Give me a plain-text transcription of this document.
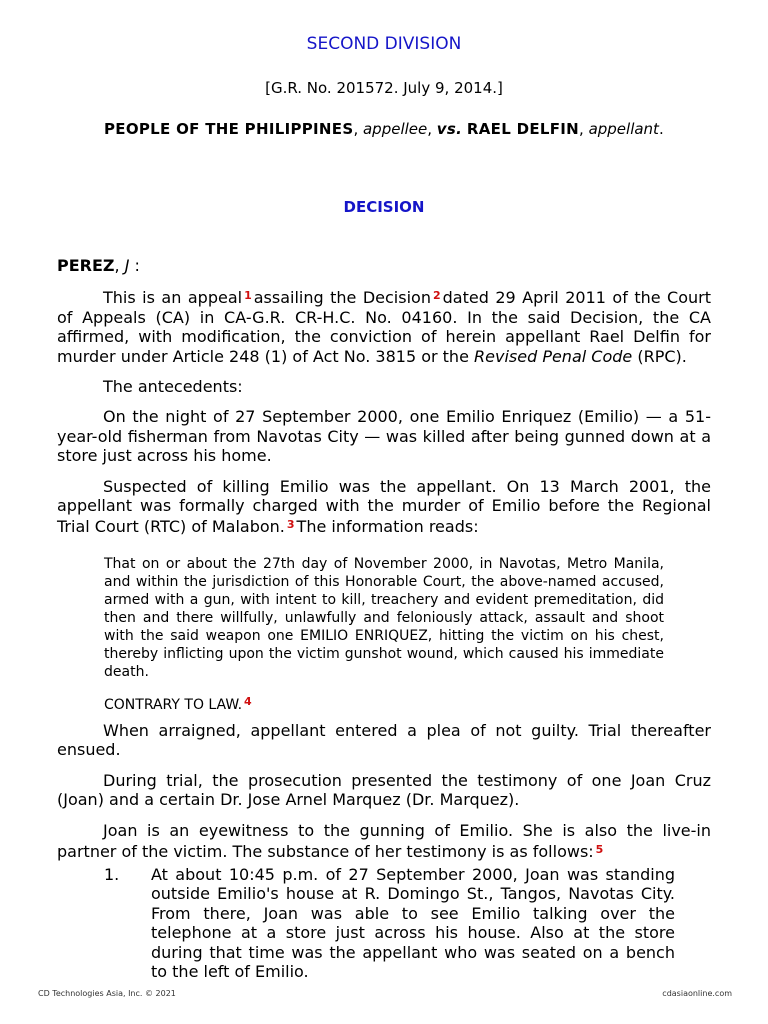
SECOND DIVISION
[G.R. No. 201572. July 9, 2014.]
PEOPLE OF THE PHILIPPINES, appellee, vs. RAEL DELFIN, appellant.
DECISION

PEREZ, J :

This is an appeal $^1$ assailing the Decision $^2$ dated 29 April 2011 of the Court of Appeals (CA) in CA-G.R. CR-H.C. No. 04160. In the said Decision, the CA affirmed, with modification, the conviction of herein appellant Rael Delfin for murder under Article 248 (1) of Act No. 3815 or the Revised Penal Code (RPC).

The antecedents:

On the night of 27 September 2000, one Emilio Enriquez (Emilio) — a 51-year-old fisherman from Navotas City — was killed after being gunned down at a store just across his home.

Suspected of killing Emilio was the appellant. On 13 March 2001, the appellant was formally charged with the murder of Emilio before the Regional Trial Court (RTC) of Malabon. $^3$ The information reads:

That on or about the 27th day of November 2000, in Navotas, Metro Manila, and within the jurisdiction of this Honorable Court, the above-named accused, armed with a gun, with intent to kill, treachery and evident premeditation, did then and there willfully, unlawfully and feloniously attack, assault and shoot with the said weapon one EMILIO ENRIQUEZ, hitting the victim on his chest, thereby inflicting upon the victim gunshot wound, which caused his immediate death.

CONTRARY TO LAW. $^4$

When arraigned, appellant entered a plea of not guilty. Trial thereafter ensued.

During trial, the prosecution presented the testimony of one Joan Cruz (Joan) and a certain Dr. Jose Arnel Marquez (Dr. Marquez).

Joan is an eyewitness to the gunning of Emilio. She is also the live-in partner of the victim. The substance of her testimony is as follows: $^5$

1.	At about 10:45 p.m. of 27 September 2000, Joan was standing outside Emilio's house at R. Domingo St., Tangos, Navotas City. From there, Joan was able to see Emilio talking over the telephone at a store just across his house. Also at the store during that time was the appellant who was seated on a bench to the left of Emilio.
CD Technologies Asia, Inc. © 2021	cdasiaonline.com
